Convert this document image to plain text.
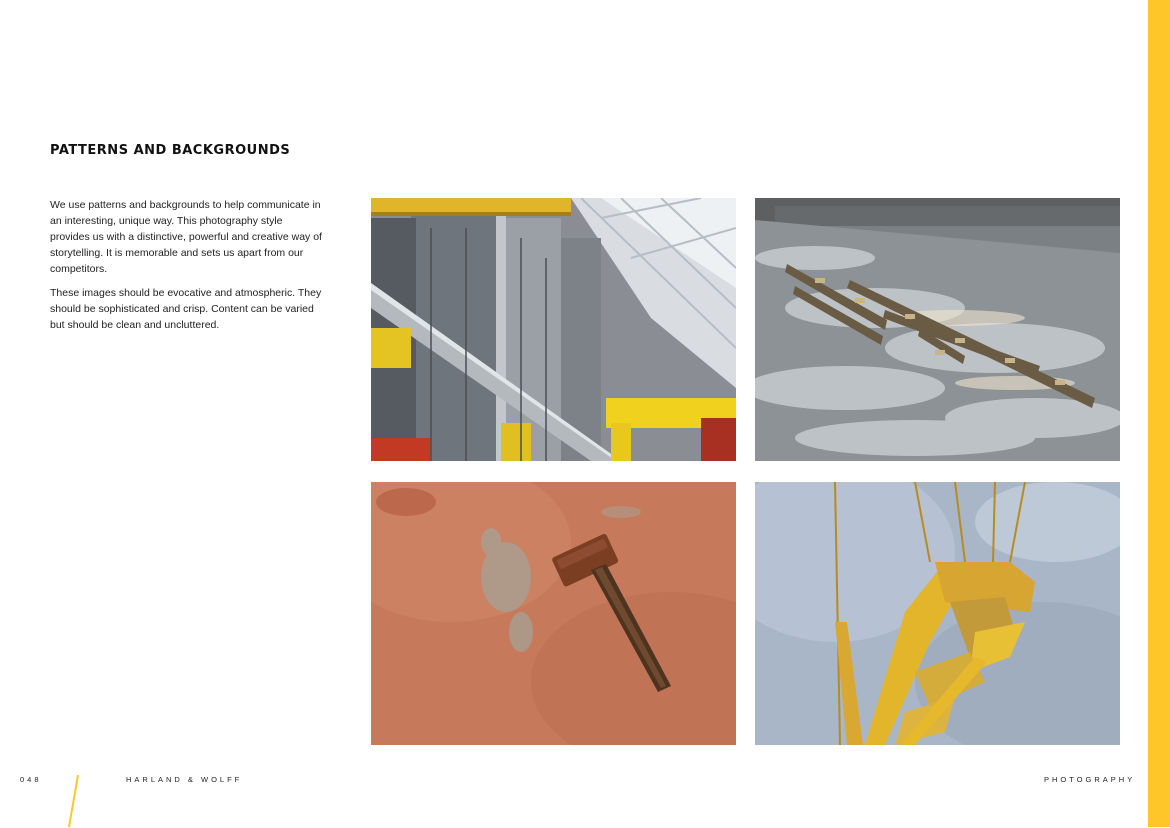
PATTERNS AND BACKGROUNDS

We use patterns and backgrounds to help communicate in an interesting, unique way. This photography style provides us with a distinctive, powerful and creative way of storytelling. It is memorable and sets us apart from our competitors.

These images should be evocative and atmospheric. They should be sophisticated and crisp. Content can be varied but should be clean and uncluttered.

048	HARLAND & WOLFF	PHOTOGRAPHY
